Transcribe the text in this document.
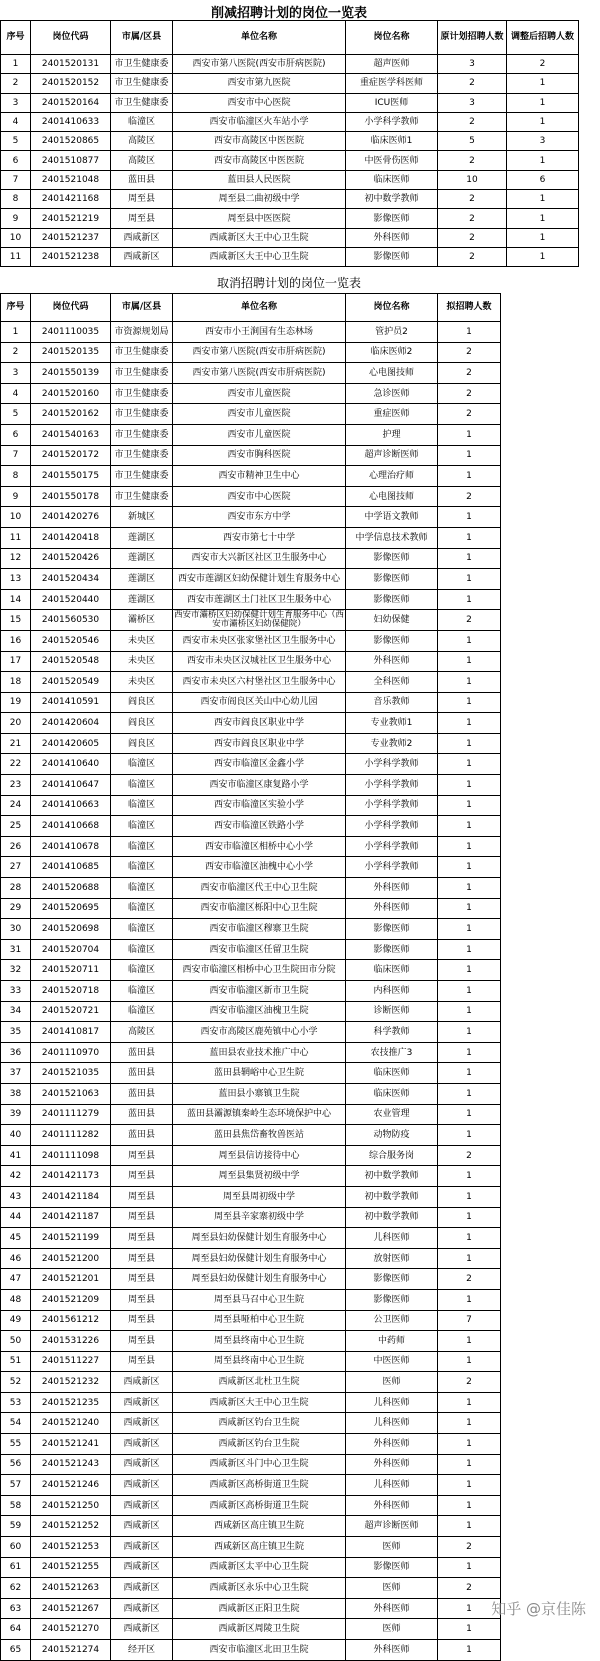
削减招聘计划的岗位一览表
序号	岗位代码	市属/区县	单位名称	岗位名称	原计划招聘人数	调整后招聘人数
1	2401520131	市卫生健康委	西安市第八医院(西安市肝病医院)	超声医师	3	2
2	2401520152	市卫生健康委	西安市第九医院	重症医学科医师	2	1
3	2401520164	市卫生健康委	西安市中心医院	ICU医师	3	1
4	2401410633	临潼区	西安市临潼区火车站小学	小学科学教师	2	1
5	2401520865	高陵区	西安市高陵区中医医院	临床医师1	5	3
6	2401510877	高陵区	西安市高陵区中医医院	中医骨伤医师	2	1
7	2401521048	蓝田县	蓝田县人民医院	临床医师	10	6
8	2401421168	周至县	周至县二曲初级中学	初中数学教师	2	1
9	2401521219	周至县	周至县中医医院	影像医师	2	1
10	2401521237	西咸新区	西咸新区大王中心卫生院	外科医师	2	1
11	2401521238	西咸新区	西咸新区大王中心卫生院	影像医师	2	1
取消招聘计划的岗位一览表
序号	岗位代码	市属/区县	单位名称	岗位名称	拟招聘人数
1	2401110035	市资源规划局	西安市小王涧国有生态林场	管护员2	1
2	2401520135	市卫生健康委	西安市第八医院(西安市肝病医院)	临床医师2	2
3	2401550139	市卫生健康委	西安市第八医院(西安市肝病医院)	心电图技师	2
4	2401520160	市卫生健康委	西安市儿童医院	急诊医师	2
5	2401520162	市卫生健康委	西安市儿童医院	重症医师	2
6	2401540163	市卫生健康委	西安市儿童医院	护理	1
7	2401520172	市卫生健康委	西安市胸科医院	超声诊断医师	1
8	2401550175	市卫生健康委	西安市精神卫生中心	心理治疗师	1
9	2401550178	市卫生健康委	西安市中心医院	心电图技师	2
10	2401420276	新城区	西安市东方中学	中学语文教师	1
11	2401420418	莲湖区	西安市第七十中学	中学信息技术教师	1
12	2401520426	莲湖区	西安市大兴新区社区卫生服务中心	影像医师	1
13	2401520434	莲湖区	西安市莲湖区妇幼保健计划生育服务中心	影像医师	1
14	2401520440	莲湖区	西安市莲湖区土门社区卫生服务中心	影像医师	1
15	2401560530	灞桥区	西安市灞桥区妇幼保健计划生育服务中心（西安市灞桥区妇幼保健院）	妇幼保健	2
16	2401520546	未央区	西安市未央区张家堡社区卫生服务中心	影像医师	1
17	2401520548	未央区	西安市未央区汉城社区卫生服务中心	外科医师	1
18	2401520549	未央区	西安市未央区六村堡社区卫生服务中心	全科医师	1
19	2401410591	阎良区	西安市阎良区关山中心幼儿园	音乐教师	1
20	2401420604	阎良区	西安市阎良区职业中学	专业教师1	1
21	2401420605	阎良区	西安市阎良区职业中学	专业教师2	1
22	2401410640	临潼区	西安市临潼区金鑫小学	小学科学教师	1
23	2401410647	临潼区	西安市临潼区康复路小学	小学科学教师	1
24	2401410663	临潼区	西安市临潼区实验小学	小学科学教师	1
25	2401410668	临潼区	西安市临潼区铁路小学	小学科学教师	1
26	2401410678	临潼区	西安市临潼区相桥中心小学	小学科学教师	1
27	2401410685	临潼区	西安市临潼区油槐中心小学	小学科学教师	1
28	2401520688	临潼区	西安市临潼区代王中心卫生院	外科医师	1
29	2401520695	临潼区	西安市临潼区栎阳中心卫生院	外科医师	1
30	2401520698	临潼区	西安市临潼区穆寨卫生院	影像医师	1
31	2401520704	临潼区	西安市临潼区任留卫生院	影像医师	1
32	2401520711	临潼区	西安市临潼区相桥中心卫生院田市分院	临床医师	1
33	2401520718	临潼区	西安市临潼区新市卫生院	内科医师	1
34	2401520721	临潼区	西安市临潼区油槐卫生院	诊断医师	1
35	2401410817	高陵区	西安市高陵区鹿苑镇中心小学	科学教师	1
36	2401110970	蓝田县	蓝田县农业技术推广中心	农技推广3	1
37	2401521035	蓝田县	蓝田县辋峪中心卫生院	临床医师	1
38	2401521063	蓝田县	蓝田县小寨镇卫生院	临床医师	1
39	2401111279	蓝田县	蓝田县灞源镇秦岭生态环境保护中心	农业管理	1
40	2401111282	蓝田县	蓝田县焦岱畜牧兽医站	动物防疫	1
41	2401111098	周至县	周至县信访接待中心	综合服务岗	2
42	2401421173	周至县	周至县集贤初级中学	初中数学教师	1
43	2401421184	周至县	周至县周初级中学	初中数学教师	1
44	2401421187	周至县	周至县辛家寨初级中学	初中数学教师	1
45	2401521199	周至县	周至县妇幼保健计划生育服务中心	儿科医师	1
46	2401521200	周至县	周至县妇幼保健计划生育服务中心	放射医师	1
47	2401521201	周至县	周至县妇幼保健计划生育服务中心	影像医师	2
48	2401521209	周至县	周至县马召中心卫生院	影像医师	1
49	2401561212	周至县	周至县哑柏中心卫生院	公卫医师	7
50	2401531226	周至县	周至县终南中心卫生院	中药师	1
51	2401511227	周至县	周至县终南中心卫生院	中医医师	1
52	2401521232	西咸新区	西咸新区北杜卫生院	医师	2
53	2401521235	西咸新区	西咸新区大王中心卫生院	儿科医师	1
54	2401521240	西咸新区	西咸新区钓台卫生院	儿科医师	1
55	2401521241	西咸新区	西咸新区钓台卫生院	外科医师	1
56	2401521243	西咸新区	西咸新区斗门中心卫生院	外科医师	1
57	2401521246	西咸新区	西咸新区高桥街道卫生院	儿科医师	1
58	2401521250	西咸新区	西咸新区高桥街道卫生院	外科医师	1
59	2401521252	西咸新区	西咸新区高庄镇卫生院	超声诊断医师	1
60	2401521253	西咸新区	西咸新区高庄镇卫生院	医师	2
61	2401521255	西咸新区	西咸新区太平中心卫生院	影像医师	1
62	2401521263	西咸新区	西咸新区永乐中心卫生院	医师	2
63	2401521267	西咸新区	西咸新区正阳卫生院	外科医师	1
64	2401521270	西咸新区	西咸新区周陵卫生院	医师	1
65	2401521274	经开区	西安市临潼区北田卫生院	外科医师	1
知乎 @京佳陈
